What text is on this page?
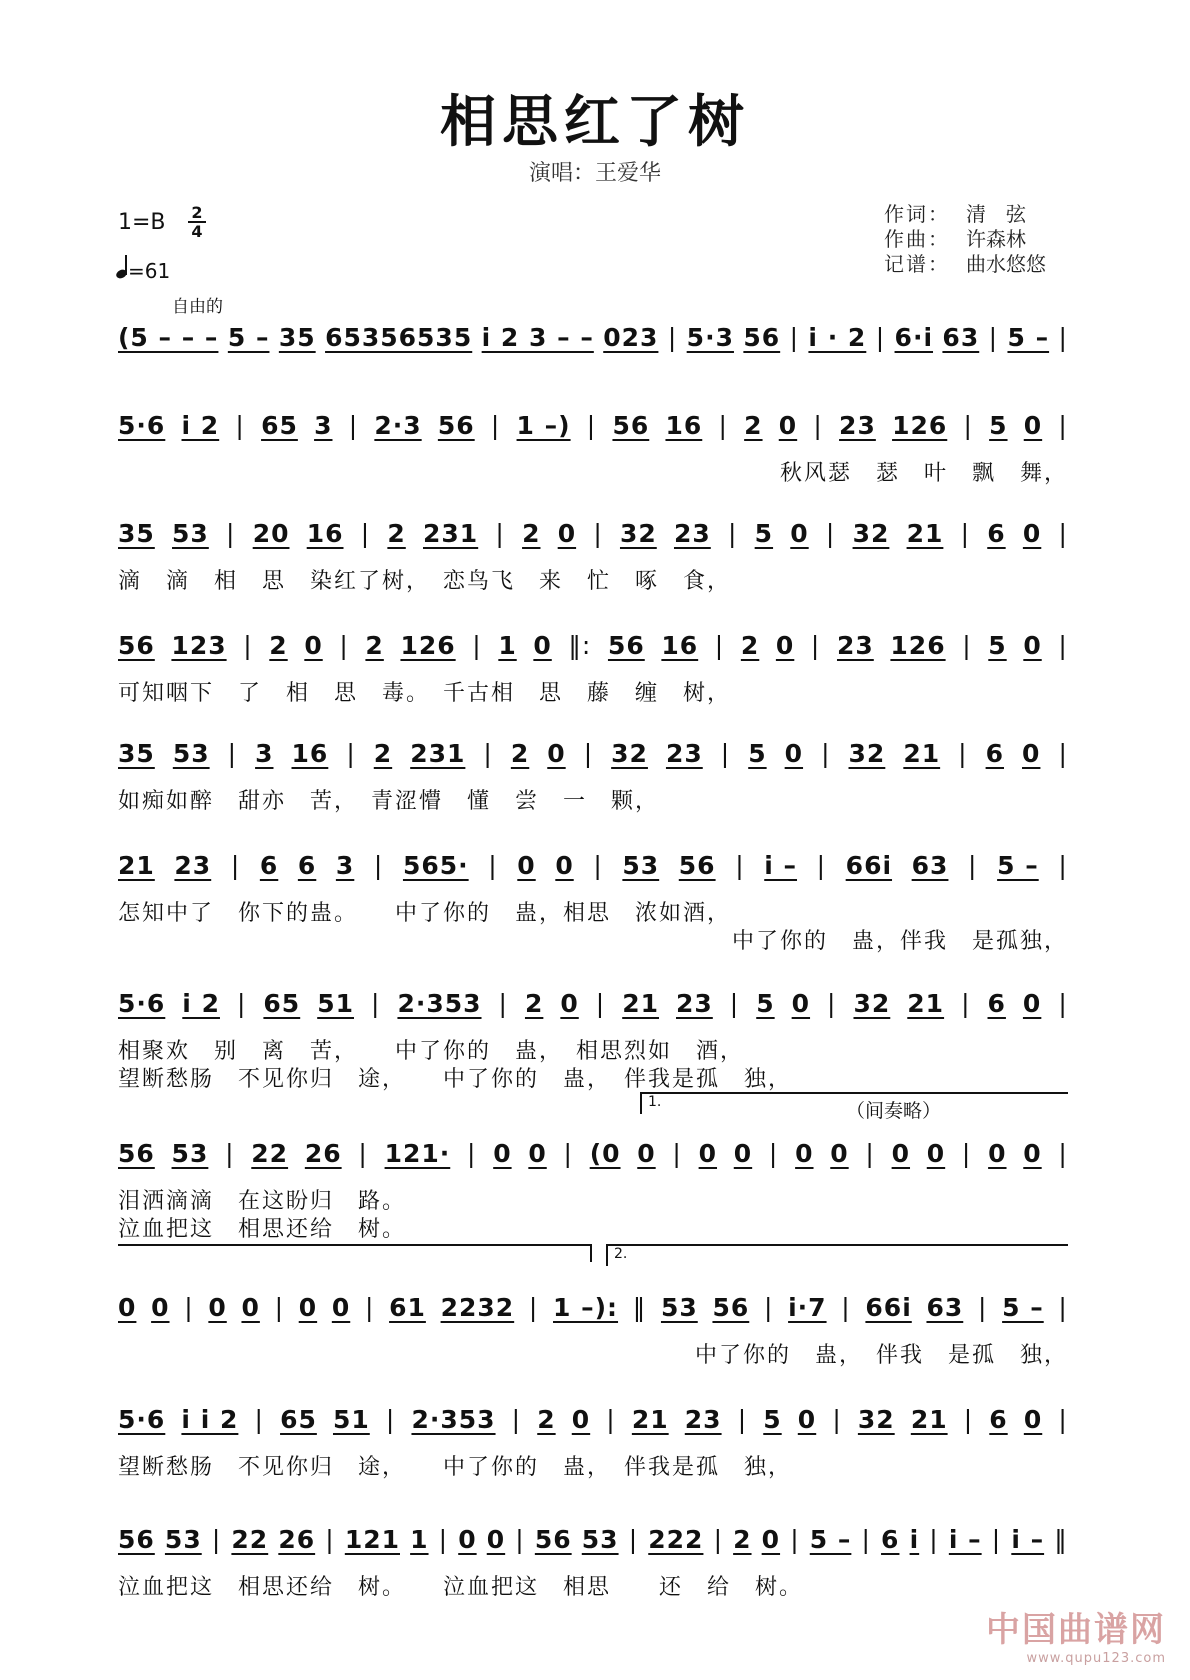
相思红了树
演唱：王爱华
$1=B \frac{2}{4}$
=61
作词： 清　弦
作曲： 许森林
记谱： 曲水悠悠
自由的
(5 – – – 5 – 35 65356535 i 2 3 – – 023 | 5·3 56 | i · 2 | 6·i 63 | 5 – |
5·6 i 2 | 65 3 | 2·3 56 | 1 –) | 56 16 | 2 0 | 23 126 | 5 0 |
秋风瑟　瑟　叶　飘　舞，
35 53 | 20 16 | 2 231 | 2 0 | 32 23 | 5 0 | 32 21 | 6 0 |
滴　滴　相　思　染红了树，　恋鸟飞　来　忙　啄　食，
56 123 | 2 0 | 2 126 | 1 0 ‖: 56 16 | 2 0 | 23 126 | 5 0 |
可知咽下　了　相　思　毒。　千古相　思　藤　缠　树，
35 53 | 3 16 | 2 231 | 2 0 | 32 23 | 5 0 | 32 21 | 6 0 |
如痴如醉　甜亦　苦，　青涩懵　懂　尝　一　颗，
21 23 | 6 6 3 | 565· | 0 0 | 53 56 | i – | 66i 63 | 5 – |
怎知中了　你下的蛊。　　中了你的　蛊，相思　浓如酒，
中了你的　蛊，伴我　是孤独，
5·6 i 2 | 65 51 | 2·353 | 2 0 | 21 23 | 5 0 | 32 21 | 6 0 |
相聚欢　别　离　苦，　　中了你的　蛊，　相思烈如　酒，
望断愁肠　不见你归　途，　　中了你的　蛊，　伴我是孤　独，
56 53 | 22 26 | 121· | 0 0 | (0 0 | 0 0 | 0 0 | 0 0 | 0 0 |
泪洒滴滴　在这盼归　路。
泣血把这　相思还给　树。
0 0 | 0 0 | 0 0 | 61 2232 | 1 –): ‖ 53 56 | i·7 | 66i 63 | 5 – |
中了你的　蛊，　伴我　是孤　独，
5·6 i i 2 | 65 51 | 2·353 | 2 0 | 21 23 | 5 0 | 32 21 | 6 0 |
望断愁肠　不见你归　途，　　中了你的　蛊，　伴我是孤　独，
56 53 | 22 26 | 121 1 | 0 0 | 56 53 | 222 | 2 0 | 5 – | 6 i | i – | i – ‖
泣血把这　相思还给　树。　　泣血把这　相思　　还　给　树。
1.	（间奏略）
2.
中国曲谱网
www.qupu123.com
